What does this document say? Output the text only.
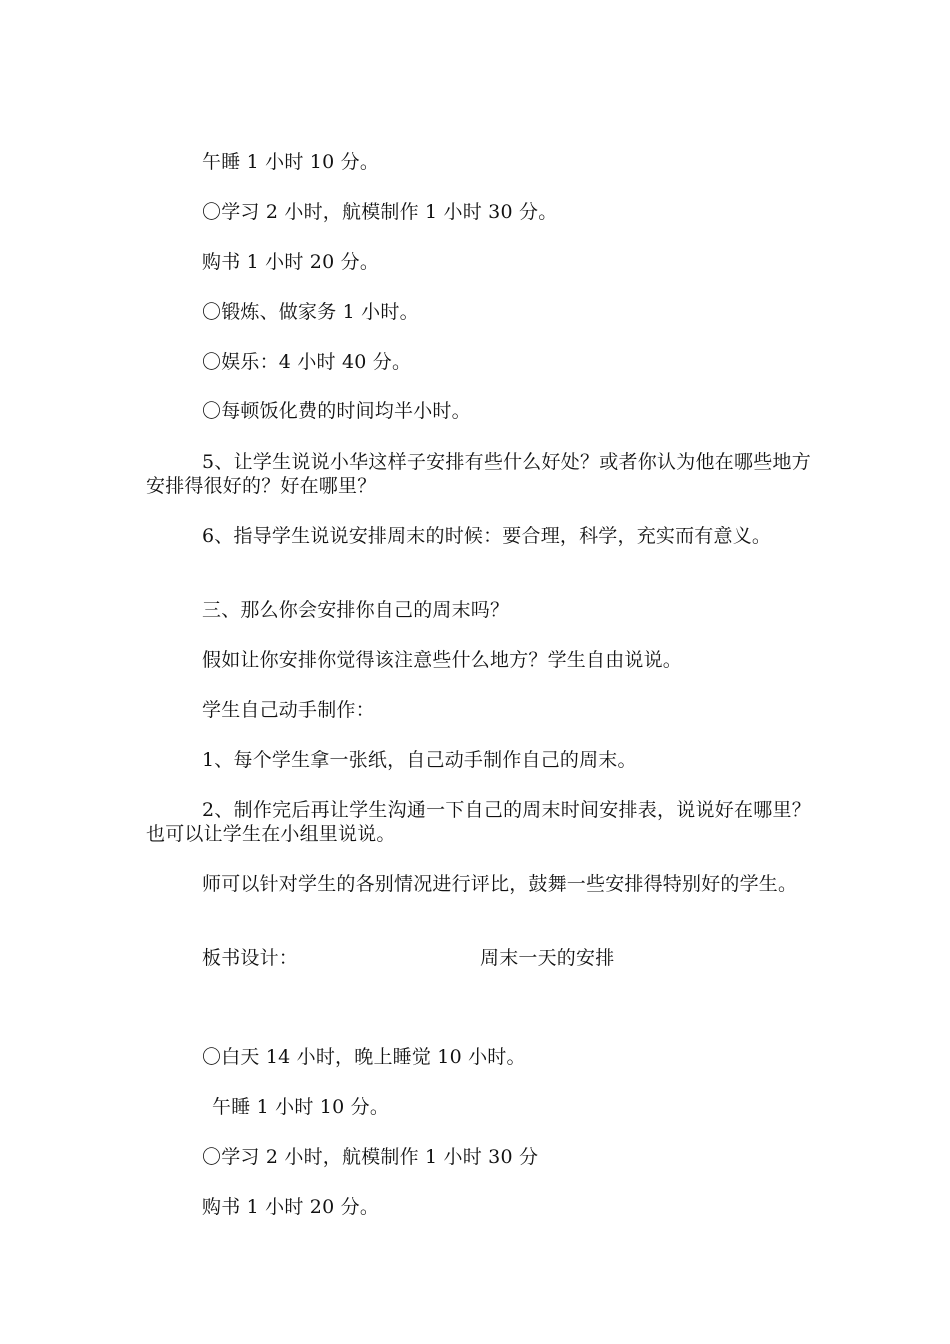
午睡 1 小时 10 分。
〇学习 2 小时，航模制作 1 小时 30 分。
购书 1 小时 20 分。
〇锻炼、做家务 1 小时。
〇娱乐：4 小时 40 分。
〇每顿饭化费的时间均半小时。
5、让学生说说小华这样子安排有些什么好处？或者你认为他在哪些地方安排得很好的？好在哪里？
6、指导学生说说安排周末的时候：要合理，科学，充实而有意义。
三、那么你会安排你自己的周末吗？
假如让你安排你觉得该注意些什么地方？学生自由说说。
学生自己动手制作：
1、每个学生拿一张纸，自己动手制作自己的周末。
2、制作完后再让学生沟通一下自己的周末时间安排表，说说好在哪里？也可以让学生在小组里说说。
师可以针对学生的各别情况进行评比，鼓舞一些安排得特别好的学生。
板书设计：	周末一天的安排
〇白天 14 小时，晚上睡觉 10 小时。
午睡 1 小时 10 分。
〇学习 2 小时，航模制作 1 小时 30 分
购书 1 小时 20 分。
